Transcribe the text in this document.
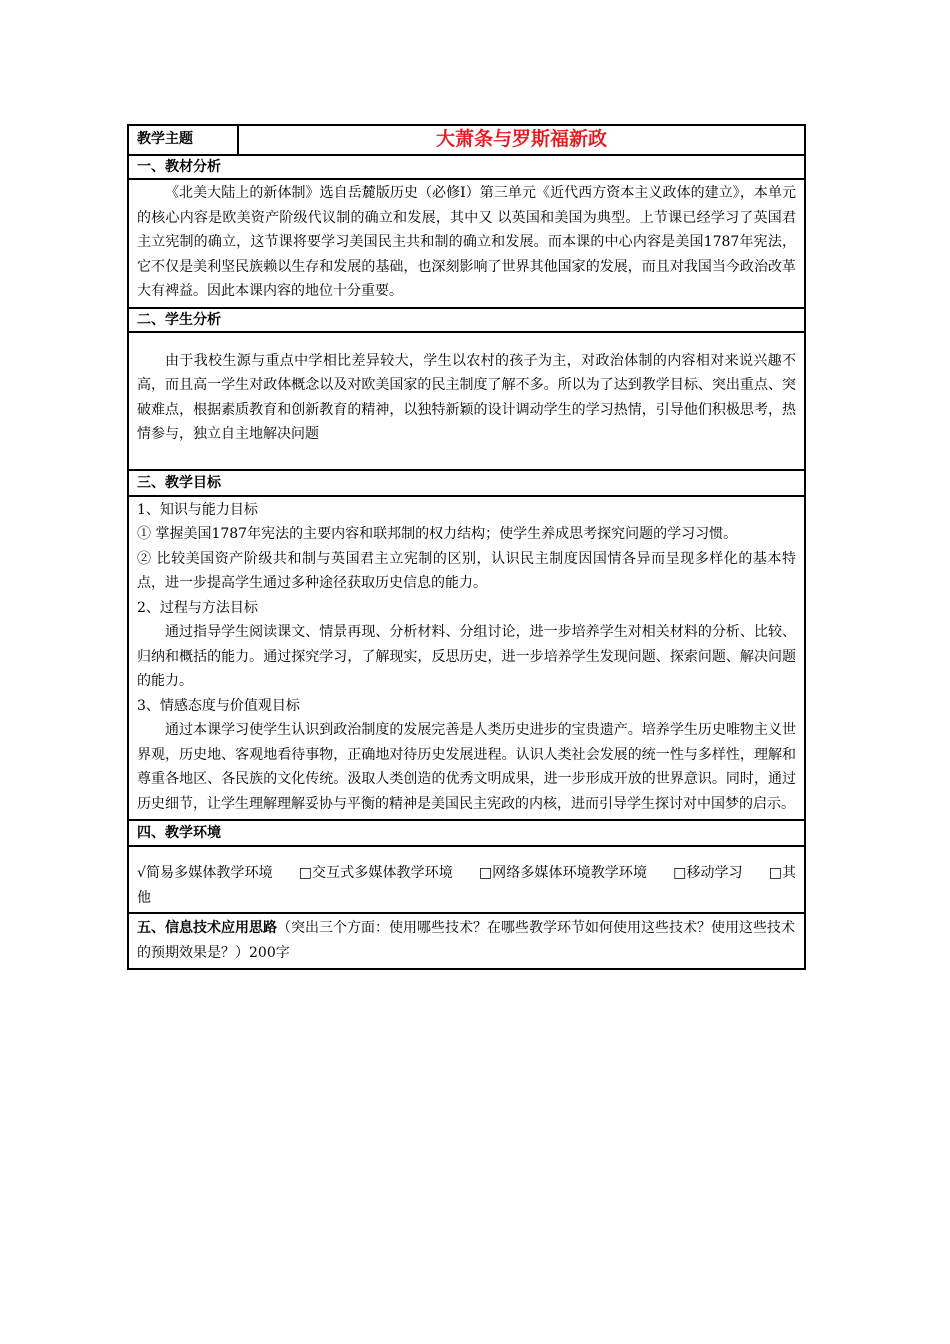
教学主题	大萧条与罗斯福新政
一、教材分析

《北美大陆上的新体制》选自岳麓版历史（必修Ⅰ）第三单元《近代西方资本主义政体的建立》，本单元的核心内容是欧美资产阶级代议制的确立和发展，其中又 以英国和美国为典型。上节课已经学习了英国君主立宪制的确立，这节课将要学习美国民主共和制的确立和发展。而本课的中心内容是美国1787年宪法，它不仅是美利坚民族赖以生存和发展的基础，也深刻影响了世界其他国家的发展，而且对我国当今政治改革大有裨益。因此本课内容的地位十分重要。

二、学生分析

由于我校生源与重点中学相比差异较大，学生以农村的孩子为主，对政治体制的内容相对来说兴趣不高，而且高一学生对政体概念以及对欧美国家的民主制度了解不多。所以为了达到教学目标、突出重点、突破难点，根据素质教育和创新教育的精神，以独特新颖的设计调动学生的学习热情，引导他们积极思考，热情参与，独立自主地解决问题

三、教学目标

1、知识与能力目标

① 掌握美国1787年宪法的主要内容和联邦制的权力结构；使学生养成思考探究问题的学习习惯。

② 比较美国资产阶级共和制与英国君主立宪制的区别，认识民主制度因国情各异而呈现多样化的基本特点，进一步提高学生通过多种途径获取历史信息的能力。

2、过程与方法目标

通过指导学生阅读课文、情景再现、分析材料、分组讨论，进一步培养学生对相关材料的分析、比较、归纳和概括的能力。通过探究学习，了解现实，反思历史，进一步培养学生发现问题、探索问题、解决问题的能力。

3、情感态度与价值观目标

通过本课学习使学生认识到政治制度的发展完善是人类历史进步的宝贵遗产。培养学生历史唯物主义世界观，历史地、客观地看待事物，正确地对待历史发展进程。认识人类社会发展的统一性与多样性，理解和尊重各地区、各民族的文化传统。汲取人类创造的优秀文明成果，进一步形成开放的世界意识。同时，通过历史细节，让学生理解理解妥协与平衡的精神是美国民主宪政的内核，进而引导学生探讨对中国梦的启示。

四、教学环境
√简易多媒体教学环境 □交互式多媒体教学环境 □网络多媒体环境教学环境 □移动学习 □其他
五、信息技术应用思路（突出三个方面：使用哪些技术？在哪些教学环节如何使用这些技术？使用这些技术的预期效果是？）200字
